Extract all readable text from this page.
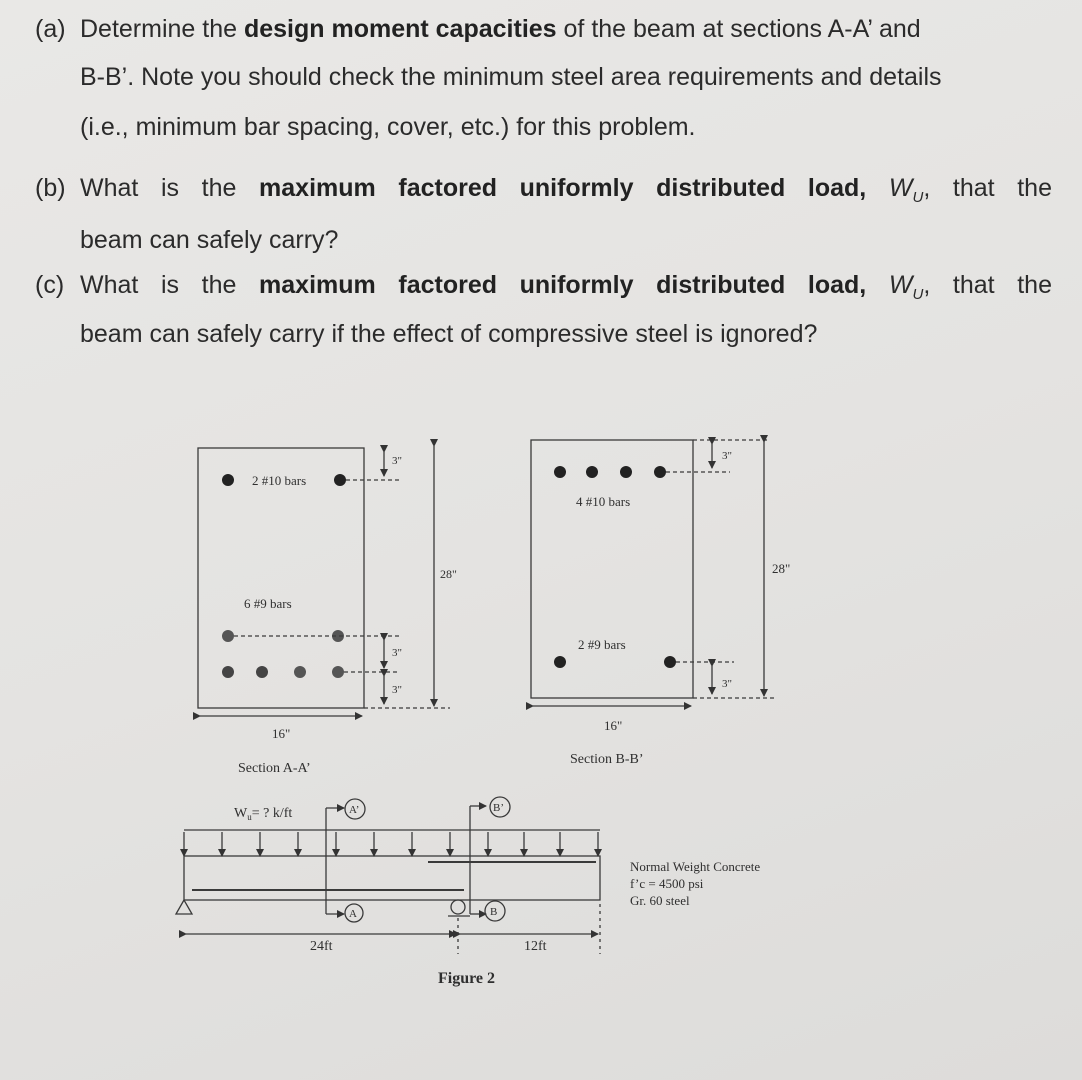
(a) Determine the design moment capacities of the beam at sections A-A’ and
B-B’. Note you should check the minimum steel area requirements and details
(i.e., minimum bar spacing, cover, etc.) for this problem.
(b) What is the maximum factored uniformly distributed load, $W_U$, that the
beam can safely carry?
(c) What is the maximum factored uniformly distributed load, $W_U$, that the
beam can safely carry if the effect of compressive steel is ignored?
2 #10 bars
6 #9 bars
3"
3"
3"
28"
16"
Section A-A’
4 #10 bars
2 #9 bars
3"
3"
28"
16"
Section B-B’
$W_u=$ ? k/ft	A’
A
B’
B
24ft	12ft
Normal Weight Concrete
f’c = 4500 psi
Gr. 60 steel
Figure 2
